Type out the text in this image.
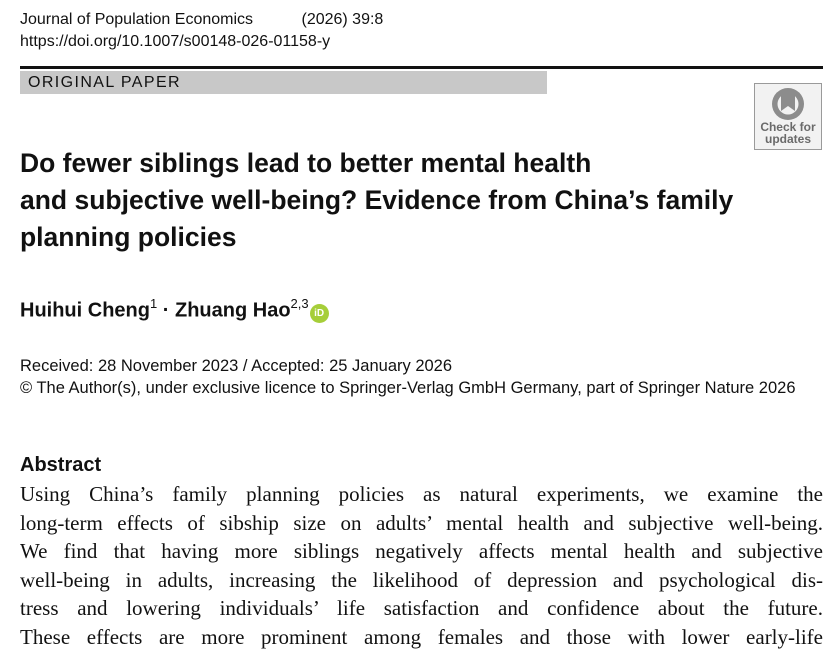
Journal of Population Economics	(2026) 39:8
https://doi.org/10.1007/s00148-026-01158-y
ORIGINAL PAPER
Check for
updates
Do fewer siblings lead to better mental health
and subjective well-being? Evidence from China’s family
planning policies
Huihui Cheng$^1$ · Zhuang Hao$^{2,3}$iD
Received: 28 November 2023 / Accepted: 25 January 2026
© The Author(s), under exclusive licence to Springer-Verlag GmbH Germany, part of Springer Nature 2026
Abstract
Using China’s family planning policies as natural experiments, we examine the
long-term effects of sibship size on adults’ mental health and subjective well-being.
We find that having more siblings negatively affects mental health and subjective
well-being in adults, increasing the likelihood of depression and psychological dis-
tress and lowering individuals’ life satisfaction and confidence about the future.
These effects are more prominent among females and those with lower early-life
